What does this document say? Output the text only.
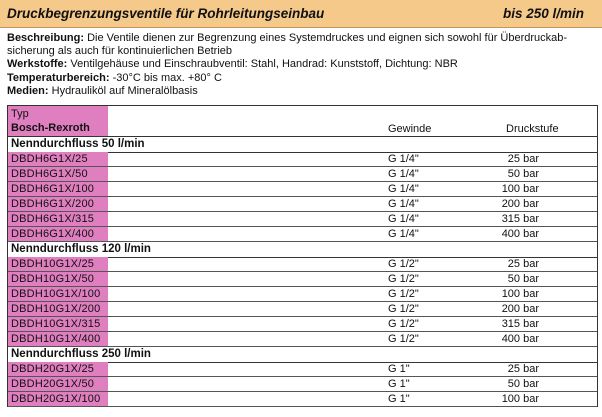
Druckbegrenzungsventile für Rohrleitungseinbau	bis 250 l/min
Beschreibung: Die Ventile dienen zur Begrenzung eines Systemdruckes und eignen sich sowohl für Überdruckab-
sicherung als auch für kontinuierlichen Betrieb
Werkstoffe: Ventilgehäuse und Einschraubventil: Stahl, Handrad: Kunststoff, Dichtung: NBR
Temperaturbereich: -30°C bis max. +80° C
Medien: Hydrauliköl auf Mineralölbasis
Typ
Bosch-Rexroth	Gewinde	Druckstufe
Nenndurchfluss 50 l/min
DBDH6G1X/25	G 1/4"	25 bar
DBDH6G1X/50	G 1/4"	50 bar
DBDH6G1X/100	G 1/4"	100 bar
DBDH6G1X/200	G 1/4"	200 bar
DBDH6G1X/315	G 1/4"	315 bar
DBDH6G1X/400	G 1/4"	400 bar
Nenndurchfluss 120 l/min
DBDH10G1X/25	G 1/2"	25 bar
DBDH10G1X/50	G 1/2"	50 bar
DBDH10G1X/100	G 1/2"	100 bar
DBDH10G1X/200	G 1/2"	200 bar
DBDH10G1X/315	G 1/2"	315 bar
DBDH10G1X/400	G 1/2"	400 bar
Nenndurchfluss 250 l/min
DBDH20G1X/25	G 1"	25 bar
DBDH20G1X/50	G 1"	50 bar
DBDH20G1X/100	G 1"	100 bar
